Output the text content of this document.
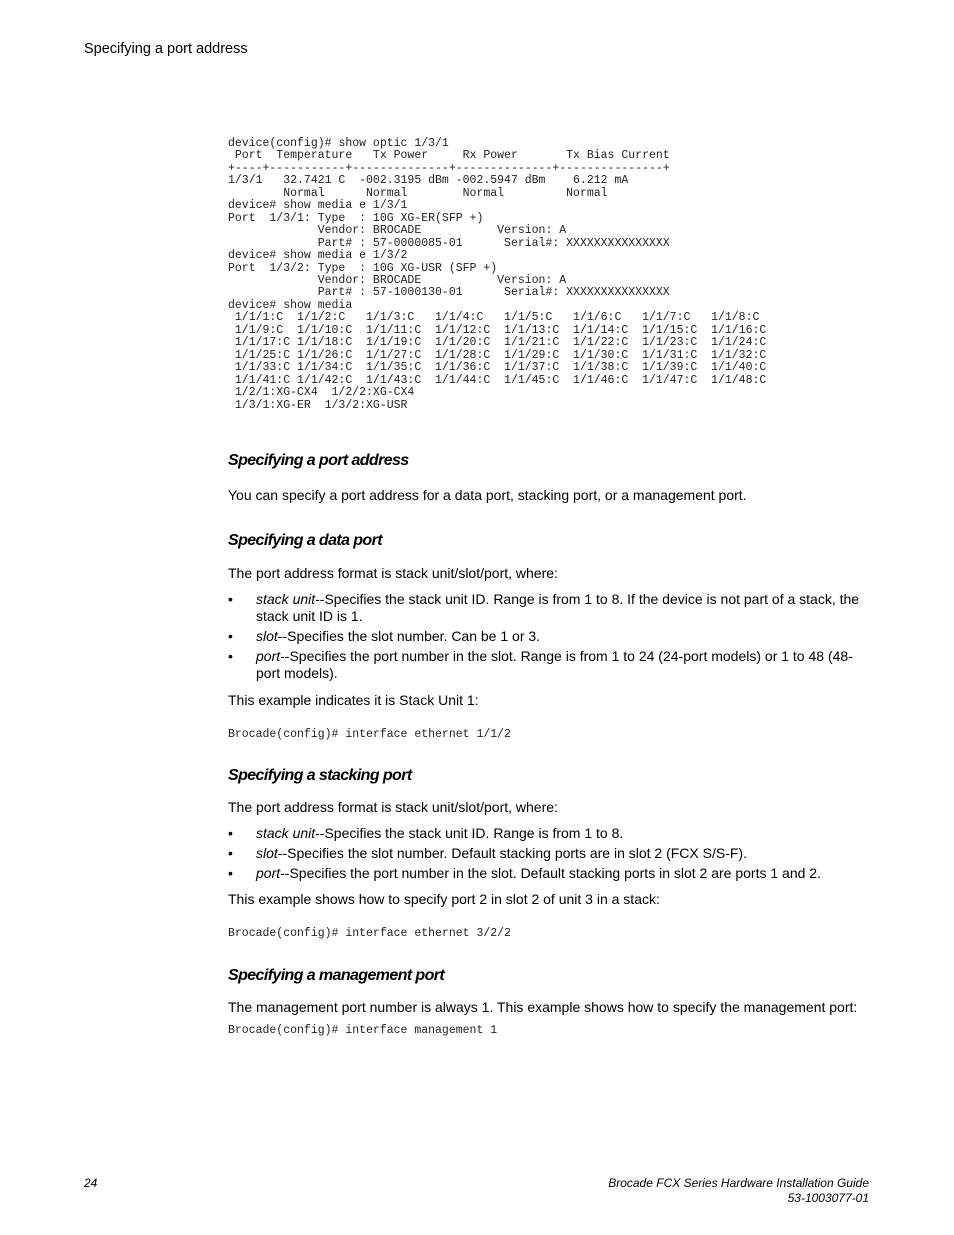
Specifying a port address
device(config)# show optic 1/3/1
Port  Temperature   Tx Power     Rx Power       Tx Bias Current
+----+-----------+--------------+--------------+---------------+
1/3/1   32.7421 C  -002.3195 dBm -002.5947 dBm    6.212 mA
Normal      Normal        Normal         Normal
device# show media e 1/3/1
Port  1/3/1: Type  : 10G XG-ER(SFP +)
Vendor: BROCADE           Version: A
Part# : 57-0000085-01      Serial#: XXXXXXXXXXXXXXX
device# show media e 1/3/2
Port  1/3/2: Type  : 10G XG-USR (SFP +)
Vendor: BROCADE           Version: A
Part# : 57-1000130-01      Serial#: XXXXXXXXXXXXXXX
device# show media
1/1/1:C  1/1/2:C   1/1/3:C   1/1/4:C   1/1/5:C   1/1/6:C   1/1/7:C   1/1/8:C
1/1/9:C  1/1/10:C  1/1/11:C  1/1/12:C  1/1/13:C  1/1/14:C  1/1/15:C  1/1/16:C
1/1/17:C 1/1/18:C  1/1/19:C  1/1/20:C  1/1/21:C  1/1/22:C  1/1/23:C  1/1/24:C
1/1/25:C 1/1/26:C  1/1/27:C  1/1/28:C  1/1/29:C  1/1/30:C  1/1/31:C  1/1/32:C
1/1/33:C 1/1/34:C  1/1/35:C  1/1/36:C  1/1/37:C  1/1/38:C  1/1/39:C  1/1/40:C
1/1/41:C 1/1/42:C  1/1/43:C  1/1/44:C  1/1/45:C  1/1/46:C  1/1/47:C  1/1/48:C
1/2/1:XG-CX4  1/2/2:XG-CX4
1/3/1:XG-ER  1/3/2:XG-USR
Specifying a port address

You can specify a port address for a data port, stacking port, or a management port.

Specifying a data port

The port address format is stack unit/slot/port, where:

• stack unit--Specifies the stack unit ID. Range is from 1 to 8. If the device is not part of a stack, the stack unit ID is 1.
• slot--Specifies the slot number. Can be 1 or 3.
• port--Specifies the port number in the slot. Range is from 1 to 24 (24-port models) or 1 to 48 (48-port models).

This example indicates it is Stack Unit 1:

Brocade(config)# interface ethernet 1/1/2
Specifying a stacking port

The port address format is stack unit/slot/port, where:

• stack unit--Specifies the stack unit ID. Range is from 1 to 8.
• slot--Specifies the slot number. Default stacking ports are in slot 2 (FCX S/S-F).
• port--Specifies the port number in the slot. Default stacking ports in slot 2 are ports 1 and 2.

This example shows how to specify port 2 in slot 2 of unit 3 in a stack:

Brocade(config)# interface ethernet 3/2/2
Specifying a management port

The management port number is always 1. This example shows how to specify the management port:

Brocade(config)# interface management 1
24	Brocade FCX Series Hardware Installation Guide
53-1003077-01
